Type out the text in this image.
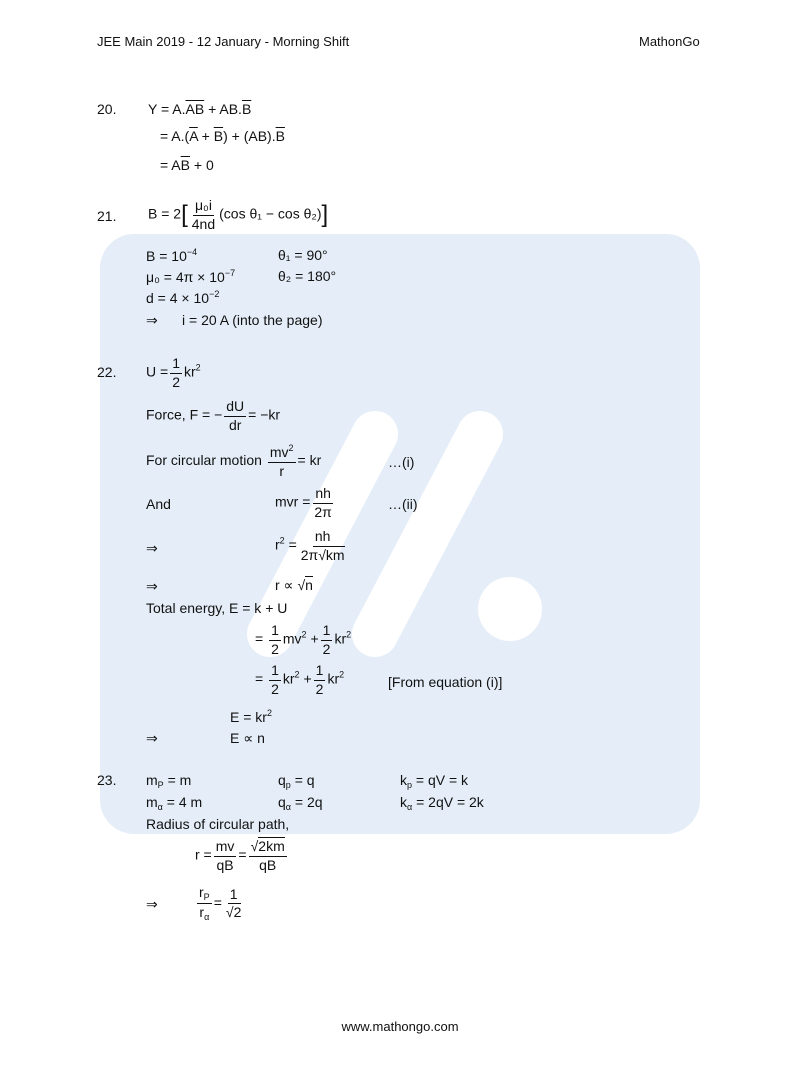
JEE Main 2019 - 12 January - Morning Shift	MathonGo
20. $Y = A.\overline{AB} + AB.\overline{B}$
= $A.(\overline{A} + \overline{B}) + (AB).\overline{B}$
= $A\overline{B} + 0$
21. $B = 2[ \frac{\text{μ₀i}}{4nd} (\cos$ θ₁ − cos θ₂)]
$B = 10^{-4}$	θ₁ = 90°
$\mu_0 = 4\pi \times 10^{-7}$	θ₂ = 180°
$d = 4 \times 10^{-2}$
⇒ i = 20 A (into the page)
22. $U = \frac{1}{2} kr^2$
Force, F = − $\frac{dU}{dr} = -kr$
For circular motion $\frac{mv^2}{r}$ = kr	…(i)
And	mvr = $\frac{nh}{2\pi}$	…(ii)
⇒	$r^2 = \frac{nh}{2\pi√km}$
⇒	r ∝ √n
Total energy, E = k + U
= $\frac{1}{2} mv^2 + \frac{1}{2} kr^2$
= $\frac{1}{2} kr^2 + \frac{1}{2} kr^2$	[From equation (i)]
$E = kr^2$
⇒	E ∝ n
23. $m_P = m$	$q_p = q$	$k_p$ = qV = k
$m_\alpha = 4$ m	$q_\alpha = 2q$	$k_\alpha = 2qV = 2k$
Radius of circular path,
$r = \frac{mv}{qB} = \frac{√2km}{qB}$
⇒	$\frac{r_P}{r_\alpha} = \frac{1}{√2}$
www.mathongo.com
